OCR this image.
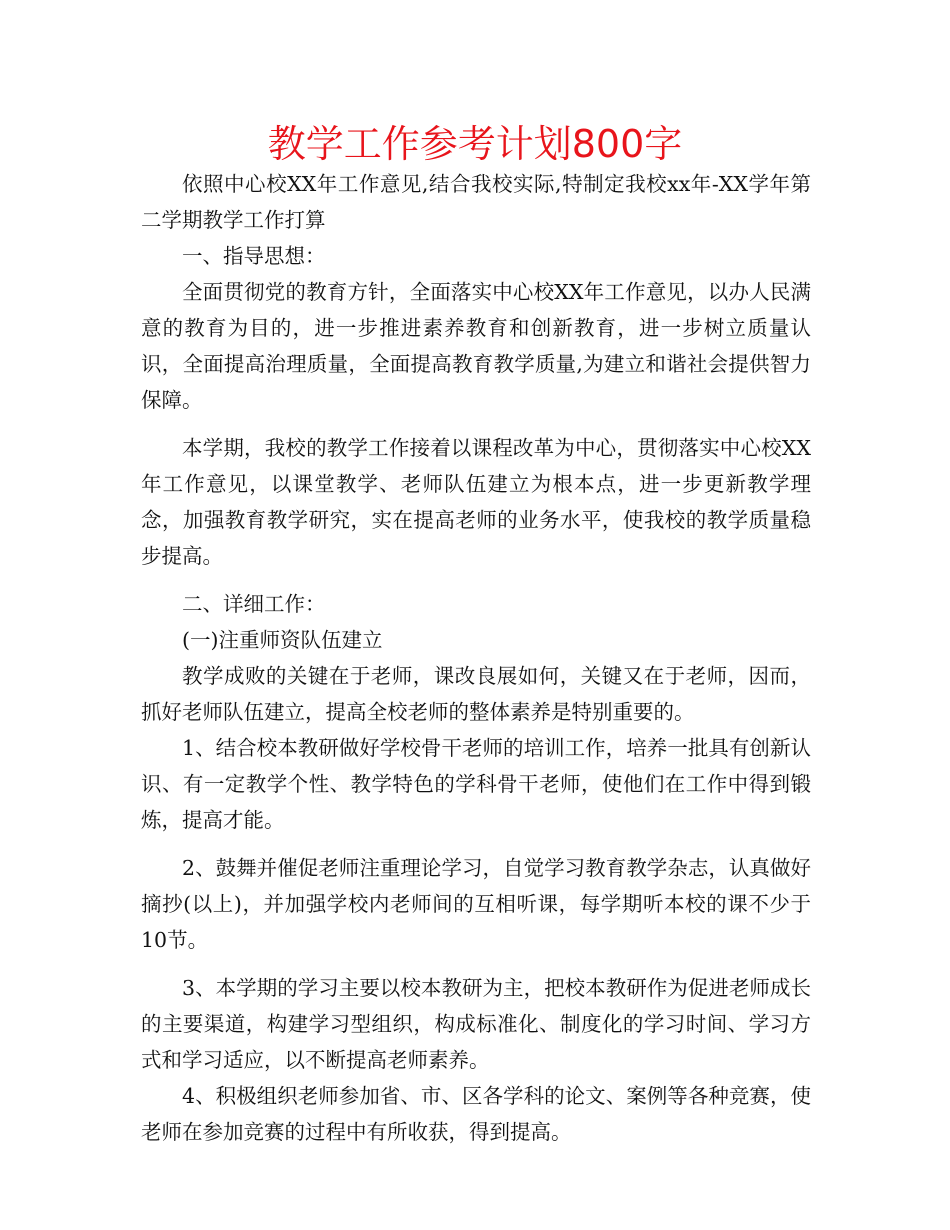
教学工作参考计划800字

依照中心校XX年工作意见,结合我校实际,特制定我校xx年-XX学年第二学期教学工作打算

一、指导思想：

全面贯彻党的教育方针，全面落实中心校XX年工作意见，以办人民满意的教育为目的，进一步推进素养教育和创新教育，进一步树立质量认识，全面提高治理质量，全面提高教育教学质量,为建立和谐社会提供智力保障。

本学期，我校的教学工作接着以课程改革为中心，贯彻落实中心校XX年工作意见，以课堂教学、老师队伍建立为根本点，进一步更新教学理念，加强教育教学研究，实在提高老师的业务水平，使我校的教学质量稳步提高。

二、详细工作：

(一)注重师资队伍建立

教学成败的关键在于老师，课改良展如何，关键又在于老师，因而，抓好老师队伍建立，提高全校老师的整体素养是特别重要的。

1、结合校本教研做好学校骨干老师的培训工作，培养一批具有创新认识、有一定教学个性、教学特色的学科骨干老师，使他们在工作中得到锻炼，提高才能。

2、鼓舞并催促老师注重理论学习，自觉学习教育教学杂志，认真做好摘抄(以上)，并加强学校内老师间的互相听课，每学期听本校的课不少于10节。

3、本学期的学习主要以校本教研为主，把校本教研作为促进老师成长的主要渠道，构建学习型组织，构成标准化、制度化的学习时间、学习方式和学习适应，以不断提高老师素养。

4、积极组织老师参加省、市、区各学科的论文、案例等各种竞赛，使老师在参加竞赛的过程中有所收获，得到提高。
